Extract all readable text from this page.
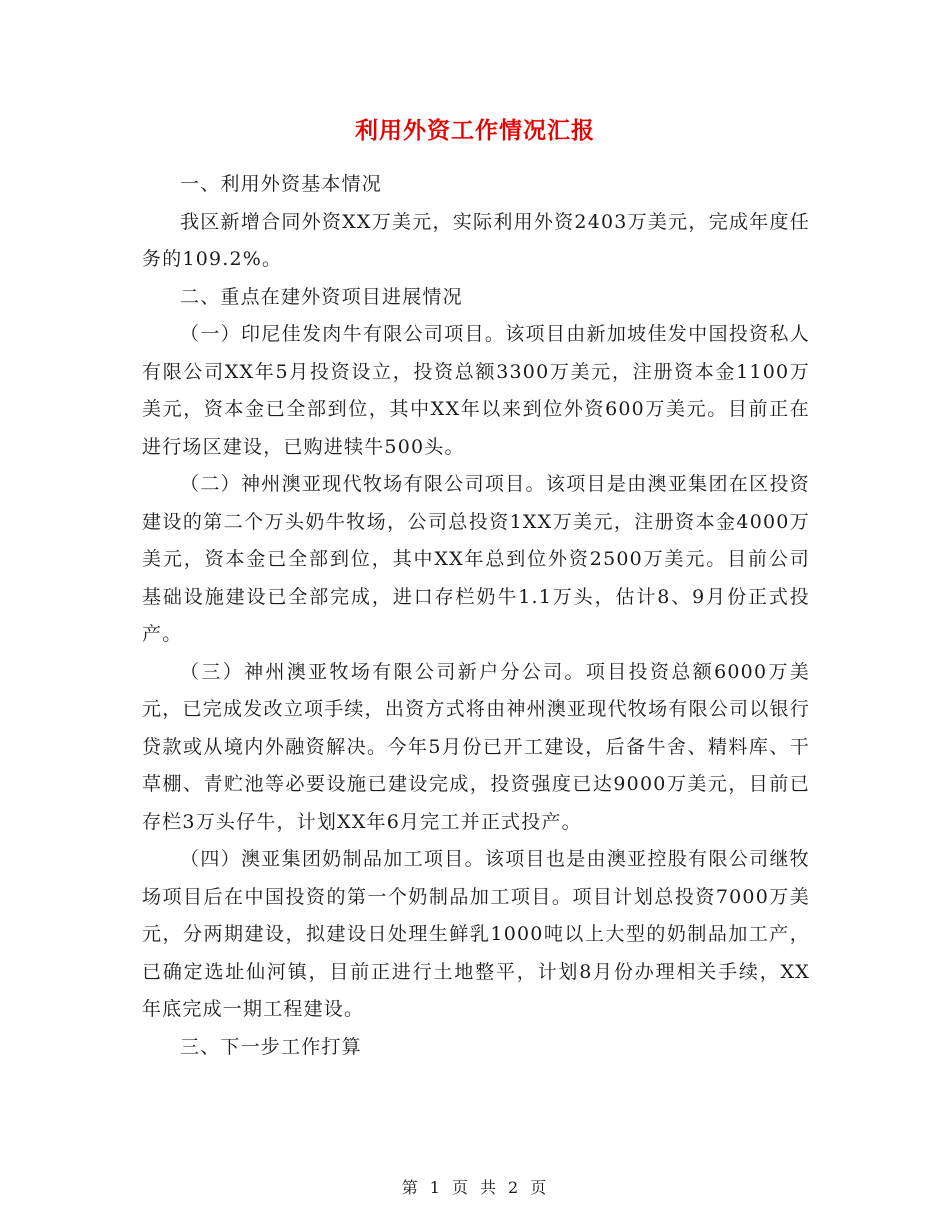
利用外资工作情况汇报

一、利用外资基本情况

我区新增合同外资XX万美元，实际利用外资2403万美元，完成年度任务的109.2%。

二、重点在建外资项目进展情况

（一）印尼佳发肉牛有限公司项目。该项目由新加坡佳发中国投资私人有限公司XX年5月投资设立，投资总额3300万美元，注册资本金1100万美元，资本金已全部到位，其中XX年以来到位外资600万美元。目前正在进行场区建设，已购进犊牛500头。

（二）神州澳亚现代牧场有限公司项目。该项目是由澳亚集团在区投资建设的第二个万头奶牛牧场，公司总投资1XX万美元，注册资本金4000万美元，资本金已全部到位，其中XX年总到位外资2500万美元。目前公司基础设施建设已全部完成，进口存栏奶牛1.1万头，估计8、9月份正式投产。

（三）神州澳亚牧场有限公司新户分公司。项目投资总额6000万美元，已完成发改立项手续，出资方式将由神州澳亚现代牧场有限公司以银行贷款或从境内外融资解决。今年5月份已开工建设，后备牛舍、精料库、干草棚、青贮池等必要设施已建设完成，投资强度已达9000万美元，目前已存栏3万头仔牛，计划XX年6月完工并正式投产。

（四）澳亚集团奶制品加工项目。该项目也是由澳亚控股有限公司继牧场项目后在中国投资的第一个奶制品加工项目。项目计划总投资7000万美元，分两期建设，拟建设日处理生鲜乳1000吨以上大型的奶制品加工产，已确定选址仙河镇，目前正进行土地整平，计划8月份办理相关手续，XX年底完成一期工程建设。

三、下一步工作打算

第 1 页 共 2 页
